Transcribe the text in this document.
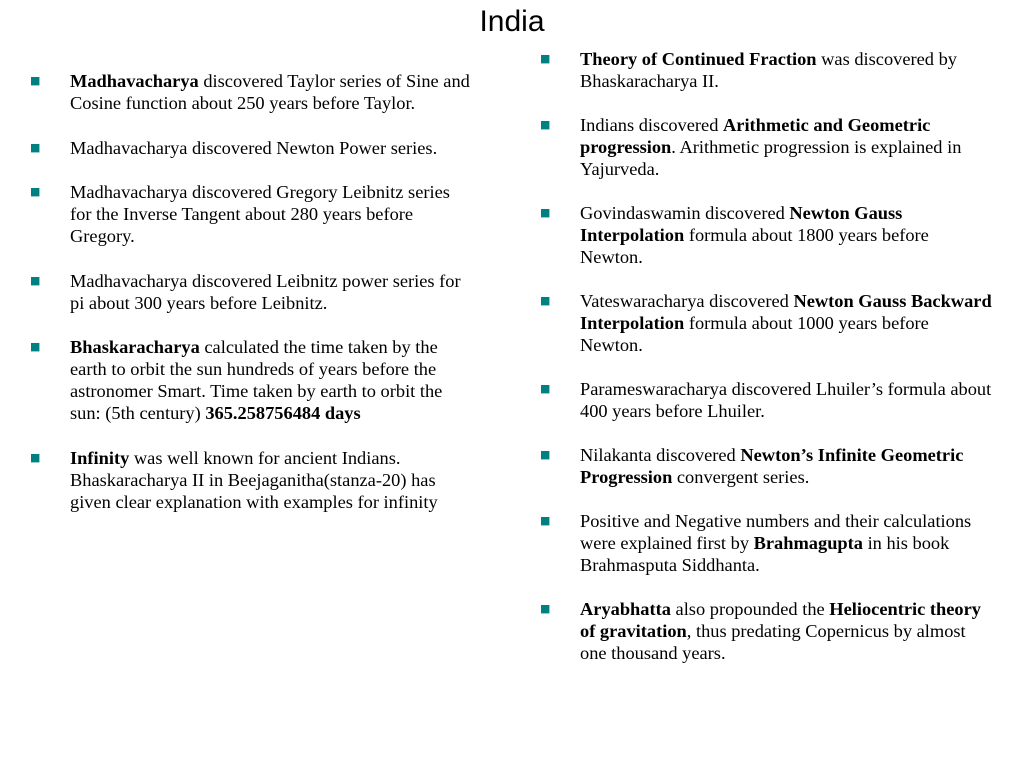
India
■ Madhavacharya discovered Taylor series of Sine and Cosine function about 250 years before Taylor.
■ Madhavacharya discovered Newton Power series.
■ Madhavacharya discovered Gregory Leibnitz series for the Inverse Tangent about 280 years before Gregory.
■ Madhavacharya discovered Leibnitz power series for pi about 300 years before Leibnitz.
■ Bhaskaracharya calculated the time taken by the earth to orbit the sun hundreds of years before the astronomer Smart. Time taken by earth to orbit the sun: (5th century) 365.258756484 days
■ Infinity was well known for ancient Indians. Bhaskaracharya II in Beejaganitha(stanza-20) has given clear explanation with examples for infinity
■ Theory of Continued Fraction was discovered by Bhaskaracharya II.
■ Indians discovered Arithmetic and Geometric progression. Arithmetic progression is explained in Yajurveda.
■ Govindaswamin discovered Newton Gauss Interpolation formula about 1800 years before Newton.
■ Vateswaracharya discovered Newton Gauss Backward Interpolation formula about 1000 years before Newton.
■ Parameswaracharya discovered Lhuiler’s formula about 400 years before Lhuiler.
■ Nilakanta discovered Newton’s Infinite Geometric Progression convergent series.
■ Positive and Negative numbers and their calculations were explained first by Brahmagupta in his book Brahmasputa Siddhanta.
■ Aryabhatta also propounded the Heliocentric theory of gravitation, thus predating Copernicus by almost one thousand years.
